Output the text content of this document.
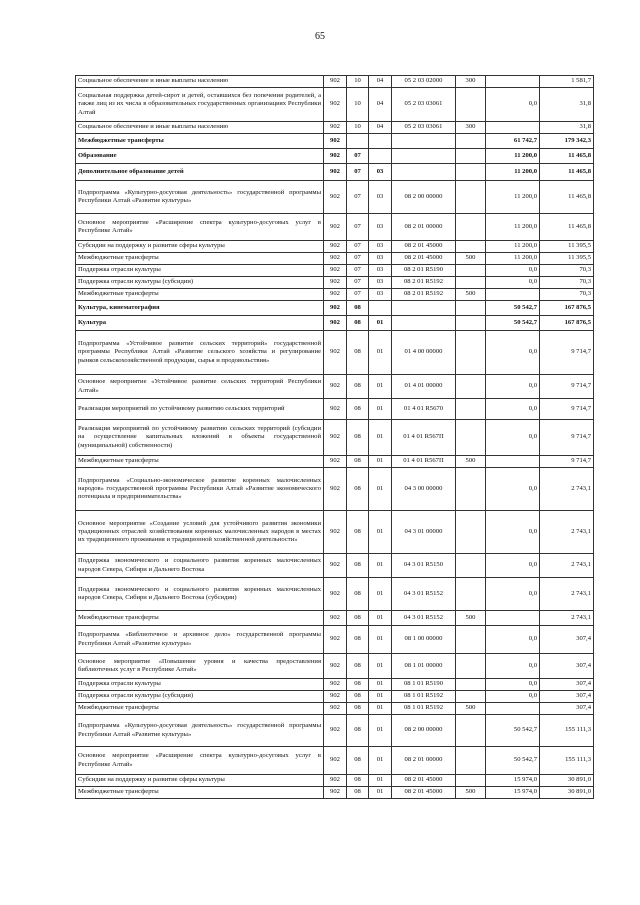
65
Социальное обеспечение и иные выплаты населению	902	10	04	05 2 03 02000	300		1 581,7
Социальная поддержка детей-сирот и детей, оставшихся без попечения родителей, а также лиц из их числа в образовательных государственных организациях Республики Алтай	902	10	04	05 2 03 03061		0,0	31,8
Социальное обеспечение и иные выплаты населению	902	10	04	05 2 03 03061	300		31,8
Межбюджетные трансферты	902					61 742,7	179 342,3
Образование	902	07				11 200,0	11 465,8
Дополнительное образование детей	902	07	03			11 200,0	11 465,8
Подпрограмма «Культурно-досуговая деятельность» государственной программы Республики Алтай «Развитие культуры»	902	07	03	08 2 00 00000		11 200,0	11 465,8
Основное мероприятие «Расширение спектра культурно-досуговых услуг в Республике Алтай»	902	07	03	08 2 01 00000		11 200,0	11 465,8
Субсидии на поддержку и развитие сферы культуры	902	07	03	08 2 01 45000		11 200,0	11 395,5
Межбюджетные трансферты	902	07	03	08 2 01 45000	500	11 200,0	11 395,5
Поддержка отрасли культуры	902	07	03	08 2 01 R5190		0,0	70,3
Поддержка отрасли культуры (субсидии)	902	07	03	08 2 01 R5192		0,0	70,3
Межбюджетные трансферты	902	07	03	08 2 01 R5192	500		70,3
Культура, кинематография	902	08				50 542,7	167 876,5
Культура	902	08	01			50 542,7	167 876,5
Подпрограмма «Устойчивое развитие сельских территорий» государственной программы Республики Алтай «Развитие сельского хозяйства и регулирование рынков сельскохозяйственной продукции, сырья и продовольствия»	902	08	01	01 4 00 00000		0,0	9 714,7
Основное мероприятие «Устойчивое развитие сельских территорий Республики Алтай»	902	08	01	01 4 01 00000		0,0	9 714,7
Реализация мероприятий по устойчивому развитию сельских территорий	902	08	01	01 4 01 R5670		0,0	9 714,7
Реализация мероприятий по устойчивому развитию сельских территорий (субсидии на осуществление капитальных вложений в объекты государственной (муниципальной) собственности)	902	08	01	01 4 01 R567П		0,0	9 714,7
Межбюджетные трансферты	902	08	01	01 4 01 R567П	500		9 714,7
Подпрограмма «Социально-экономическое развитие коренных малочисленных народов» государственной программы Республики Алтай «Развитие экономического потенциала и предпринимательства»	902	08	01	04 3 00 00000		0,0	2 743,1
Основное мероприятие «Создание условий для устойчивого развития экономики традиционных отраслей хозяйствования коренных малочисленных народов в местах их традиционного проживания и традиционной хозяйственной деятельности»	902	08	01	04 3 01 00000		0,0	2 743,1
Поддержка экономического и социального развития коренных малочисленных народов Севера, Сибири и Дальнего Востока	902	08	01	04 3 01 R5150		0,0	2 743,1
Поддержка экономического и социального развития коренных малочисленных народов Севера, Сибири и Дальнего Востока (субсидии)	902	08	01	04 3 01 R5152		0,0	2 743,1
Межбюджетные трансферты	902	08	01	04 3 01 R5152	500		2 743,1
Подпрограмма «Библиотечное и архивное дело» государственной программы Республики Алтай «Развитие культуры»	902	08	01	08 1 00 00000		0,0	307,4
Основное мероприятие «Повышение уровня и качества предоставления библиотечных услуг в Республике Алтай»	902	08	01	08 1 01 00000		0,0	307,4
Поддержка отрасли культуры	902	08	01	08 1 01 R5190		0,0	307,4
Поддержка отрасли культуры (субсидии)	902	08	01	08 1 01 R5192		0,0	307,4
Межбюджетные трансферты	902	08	01	08 1 01 R5192	500		307,4
Подпрограмма «Культурно-досуговая деятельность» государственной программы Республики Алтай «Развитие культуры»	902	08	01	08 2 00 00000		50 542,7	155 111,3
Основное мероприятие «Расширение спектра культурно-досуговых услуг в Республике Алтай»	902	08	01	08 2 01 00000		50 542,7	155 111,3
Субсидии на поддержку и развитие сферы культуры	902	08	01	08 2 01 45000		15 974,0	30 891,0
Межбюджетные трансферты	902	08	01	08 2 01 45000	500	15 974,0	30 891,0
